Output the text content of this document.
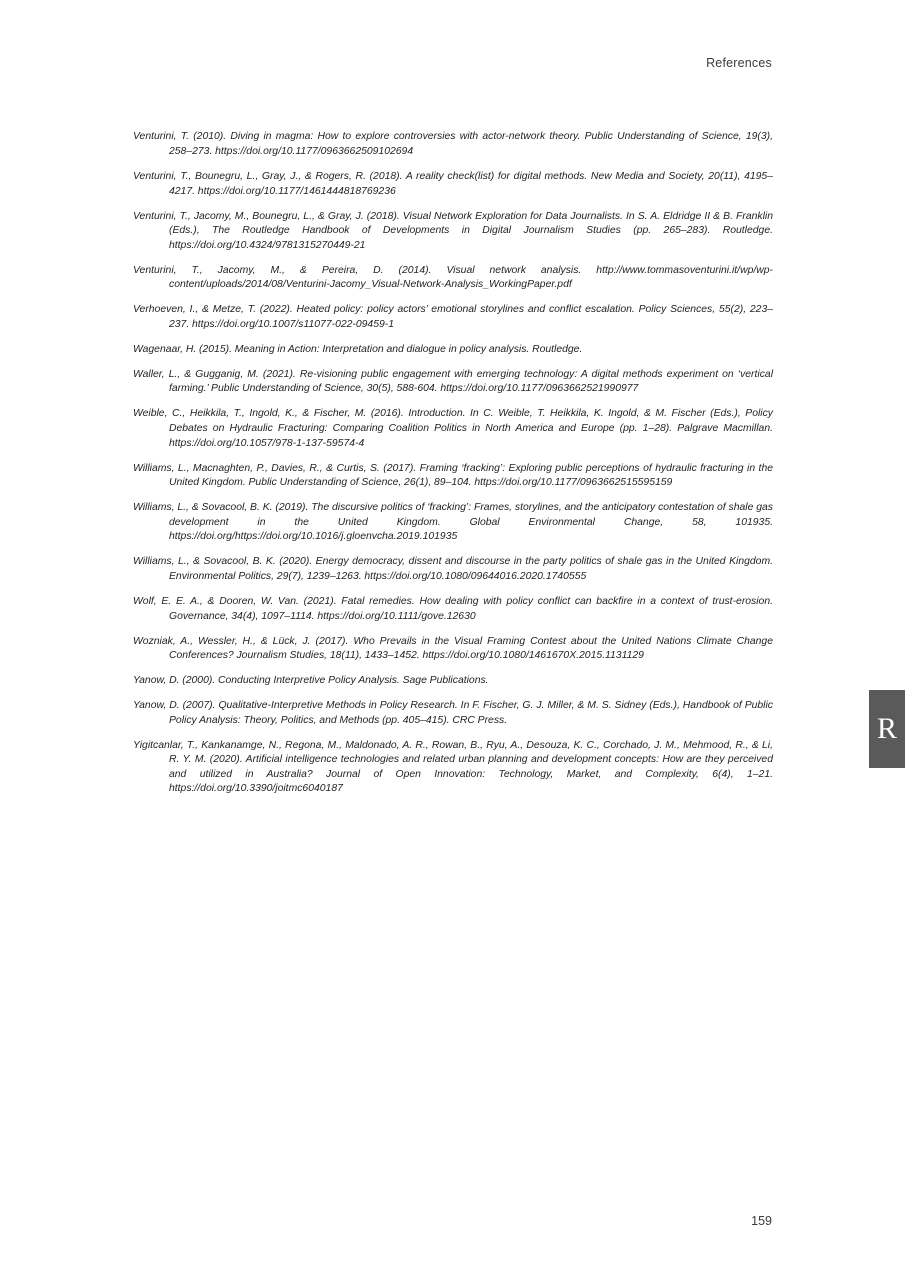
References

Venturini, T. (2010). Diving in magma: How to explore controversies with actor-network theory. Public Understanding of Science, 19(3), 258–273. https://doi.org/10.1177/0963662509102694

Venturini, T., Bounegru, L., Gray, J., & Rogers, R. (2018). A reality check(list) for digital methods. New Media and Society, 20(11), 4195–4217. https://doi.org/10.1177/1461444818769236

Venturini, T., Jacomy, M., Bounegru, L., & Gray, J. (2018). Visual Network Exploration for Data Journalists. In S. A. Eldridge II & B. Franklin (Eds.), The Routledge Handbook of Developments in Digital Journalism Studies (pp. 265–283). Routledge. https://doi.org/10.4324/9781315270449-21

Venturini, T., Jacomy, M., & Pereira, D. (2014). Visual network analysis. http://www.tommasoventurini.it/wp/wp-content/uploads/2014/08/Venturini-Jacomy_Visual-Network-Analysis_WorkingPaper.pdf

Verhoeven, I., & Metze, T. (2022). Heated policy: policy actors’ emotional storylines and conflict escalation. Policy Sciences, 55(2), 223–237. https://doi.org/10.1007/s11077-022-09459-1

Wagenaar, H. (2015). Meaning in Action: Interpretation and dialogue in policy analysis. Routledge.

Waller, L., & Gugganig, M. (2021). Re-visioning public engagement with emerging technology: A digital methods experiment on ‘vertical farming.’ Public Understanding of Science, 30(5), 588-604. https://doi.org/10.1177/0963662521990977

Weible, C., Heikkila, T., Ingold, K., & Fischer, M. (2016). Introduction. In C. Weible, T. Heikkila, K. Ingold, & M. Fischer (Eds.), Policy Debates on Hydraulic Fracturing: Comparing Coalition Politics in North America and Europe (pp. 1–28). Palgrave Macmillan. https://doi.org/10.1057/978-1-137-59574-4

Williams, L., Macnaghten, P., Davies, R., & Curtis, S. (2017). Framing ‘fracking’: Exploring public perceptions of hydraulic fracturing in the United Kingdom. Public Understanding of Science, 26(1), 89–104. https://doi.org/10.1177/0963662515595159

Williams, L., & Sovacool, B. K. (2019). The discursive politics of ‘fracking’: Frames, storylines, and the anticipatory contestation of shale gas development in the United Kingdom. Global Environmental Change, 58, 101935. https://doi.org/https://doi.org/10.1016/j.gloenvcha.2019.101935

Williams, L., & Sovacool, B. K. (2020). Energy democracy, dissent and discourse in the party politics of shale gas in the United Kingdom. Environmental Politics, 29(7), 1239–1263. https://doi.org/10.1080/09644016.2020.1740555

Wolf, E. E. A., & Dooren, W. Van. (2021). Fatal remedies. How dealing with policy conflict can backfire in a context of trust-erosion. Governance, 34(4), 1097–1114. https://doi.org/10.1111/gove.12630

Wozniak, A., Wessler, H., & Lück, J. (2017). Who Prevails in the Visual Framing Contest about the United Nations Climate Change Conferences? Journalism Studies, 18(11), 1433–1452. https://doi.org/10.1080/1461670X.2015.1131129

Yanow, D. (2000). Conducting Interpretive Policy Analysis. Sage Publications.

Yanow, D. (2007). Qualitative-Interpretive Methods in Policy Research. In F. Fischer, G. J. Miller, & M. S. Sidney (Eds.), Handbook of Public Policy Analysis: Theory, Politics, and Methods (pp. 405–415). CRC Press.

Yigitcanlar, T., Kankanamge, N., Regona, M., Maldonado, A. R., Rowan, B., Ryu, A., Desouza, K. C., Corchado, J. M., Mehmood, R., & Li, R. Y. M. (2020). Artificial intelligence technologies and related urban planning and development concepts: How are they perceived and utilized in Australia? Journal of Open Innovation: Technology, Market, and Complexity, 6(4), 1–21. https://doi.org/10.3390/joitmc6040187

R
159
